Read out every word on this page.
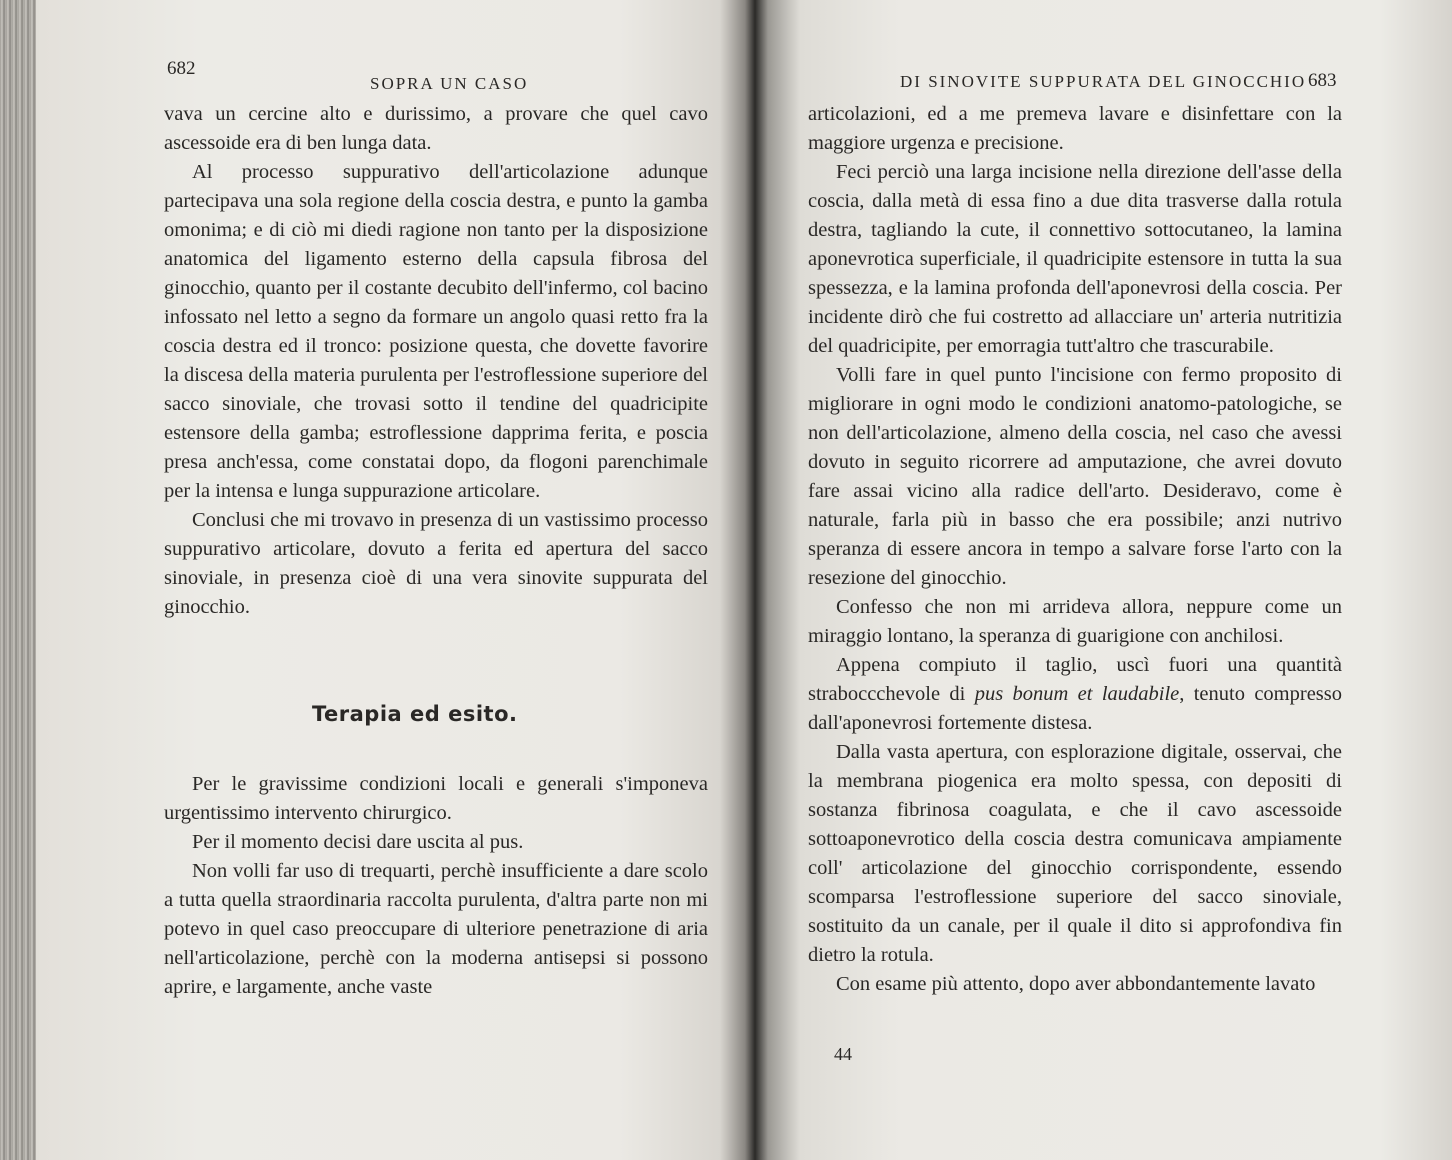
682
SOPRA UN CASO

vava un cercine alto e durissimo, a provare che quel cavo ascessoide era di ben lunga data.

Al processo suppurativo dell'articolazione adunque partecipava una sola regione della coscia destra, e punto la gamba omonima; e di ciò mi diedi ragione non tanto per la disposizione anatomica del ligamento esterno della capsula fibrosa del ginocchio, quanto per il costante decubito dell'infermo, col bacino infossato nel letto a segno da formare un angolo quasi retto fra la coscia destra ed il tronco: posizione questa, che dovette favorire la discesa della materia purulenta per l'estroflessione superiore del sacco sinoviale, che trovasi sotto il tendine del quadricipite estensore della gamba; estroflessione dapprima ferita, e poscia presa anch'essa, come constatai dopo, da flogoni parenchimale per la intensa e lunga suppurazione articolare.

Conclusi che mi trovavo in presenza di un vastissimo processo suppurativo articolare, dovuto a ferita ed apertura del sacco sinoviale, in presenza cioè di una vera sinovite suppurata del ginocchio.

Terapia ed esito.

Per le gravissime condizioni locali e generali s'imponeva urgentissimo intervento chirurgico.

Per il momento decisi dare uscita al pus.

Non volli far uso di trequarti, perchè insufficiente a dare scolo a tutta quella straordinaria raccolta purulenta, d'altra parte non mi potevo in quel caso preoccupare di ulteriore penetrazione di aria nell'articolazione, perchè con la moderna antisepsi si possono aprire, e largamente, anche vaste

DI SINOVITE SUPPURATA DEL GINOCCHIO 683

articolazioni, ed a me premeva lavare e disinfettare con la maggiore urgenza e precisione.

Feci perciò una larga incisione nella direzione dell'asse della coscia, dalla metà di essa fino a due dita trasverse dalla rotula destra, tagliando la cute, il connettivo sottocutaneo, la lamina aponevrotica superficiale, il quadricipite estensore in tutta la sua spessezza, e la lamina profonda dell'aponevrosi della coscia. Per incidente dirò che fui costretto ad allacciare un' arteria nutritizia del quadricipite, per emorragia tutt'altro che trascurabile.

Volli fare in quel punto l'incisione con fermo proposito di migliorare in ogni modo le condizioni anatomo-patologiche, se non dell'articolazione, almeno della coscia, nel caso che avessi dovuto in seguito ricorrere ad amputazione, che avrei dovuto fare assai vicino alla radice dell'arto. Desideravo, come è naturale, farla più in basso che era possibile; anzi nutrivo speranza di essere ancora in tempo a salvare forse l'arto con la resezione del ginocchio.

Confesso che non mi arrideva allora, neppure come un miraggio lontano, la speranza di guarigione con anchilosi.

Appena compiuto il taglio, uscì fuori una quantità straboccchevole di pus bonum et laudabile, tenuto compresso dall'aponevrosi fortemente distesa.

Dalla vasta apertura, con esplorazione digitale, osservai, che la membrana piogenica era molto spessa, con depositi di sostanza fibrinosa coagulata, e che il cavo ascessoide sottoaponevrotico della coscia destra comunicava ampiamente coll' articolazione del ginocchio corrispondente, essendo scomparsa l'estroflessione superiore del sacco sinoviale, sostituito da un canale, per il quale il dito si approfondiva fin dietro la rotula.

Con esame più attento, dopo aver abbondantemente lavato

44
